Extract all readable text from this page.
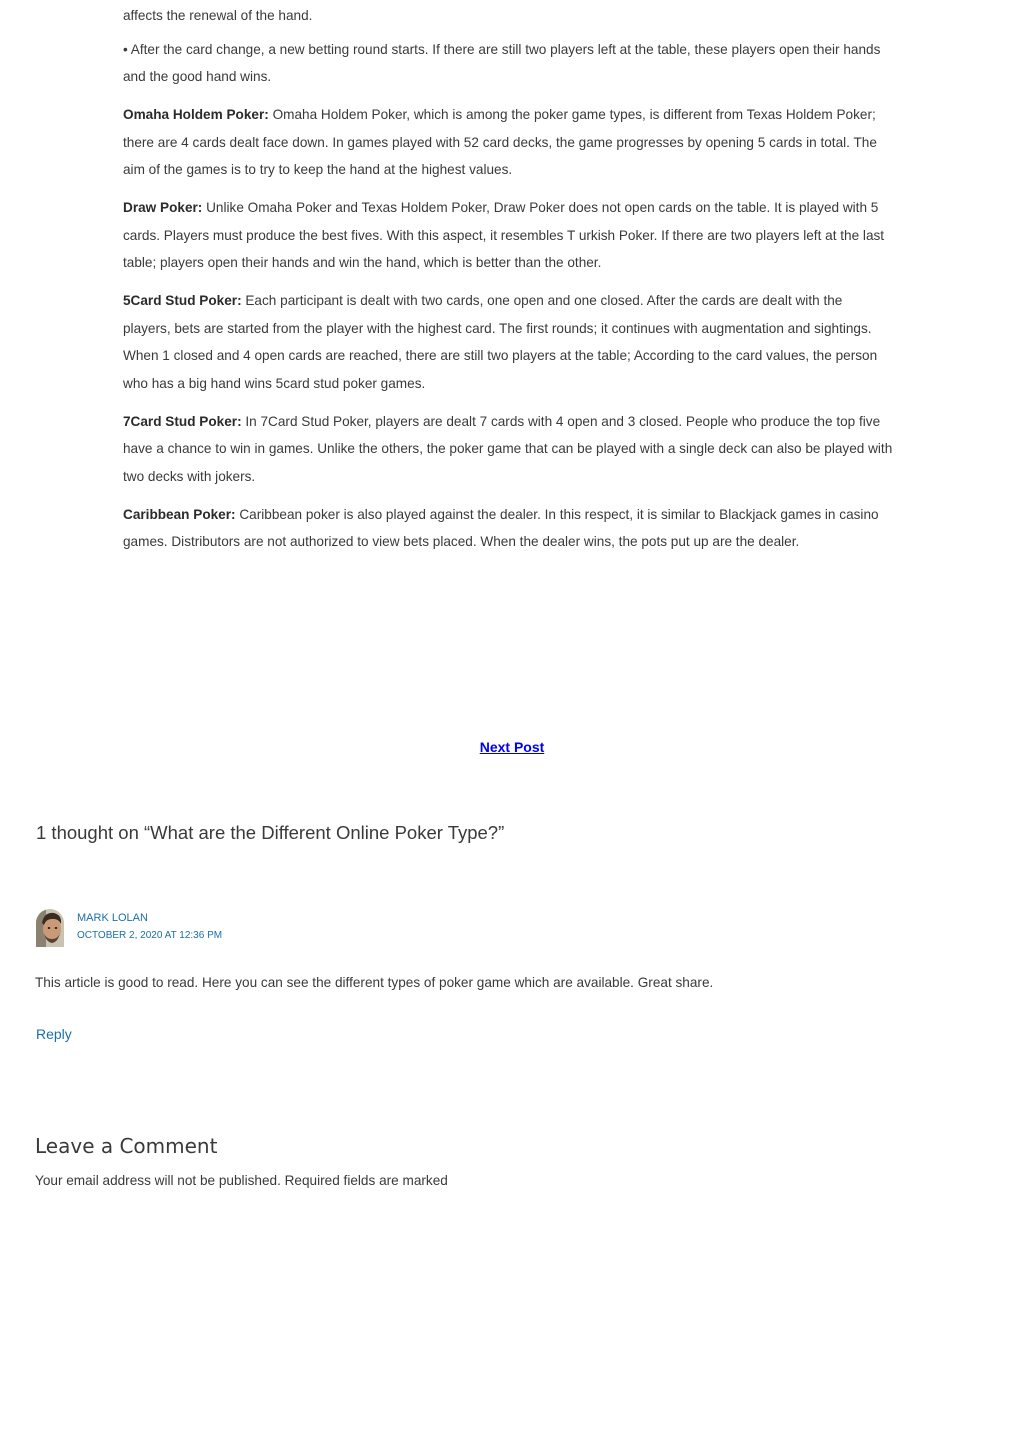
affects the renewal of the hand.

• After the card change, a new betting round starts. If there are still two players left at the table, these players open their hands and the good hand wins.

Omaha Holdem Poker: Omaha Holdem Poker, which is among the poker game types, is different from Texas Holdem Poker; there are 4 cards dealt face down. In games played with 52 card decks, the game progresses by opening 5 cards in total. The aim of the games is to try to keep the hand at the highest values.

Draw Poker: Unlike Omaha Poker and Texas Holdem Poker, Draw Poker does not open cards on the table. It is played with 5 cards. Players must produce the best fives. With this aspect, it resembles T urkish Poker. If there are two players left at the last table; players open their hands and win the hand, which is better than the other.

5Card Stud Poker: Each participant is dealt with two cards, one open and one closed. After the cards are dealt with the players, bets are started from the player with the highest card. The first rounds; it continues with augmentation and sightings. When 1 closed and 4 open cards are reached, there are still two players at the table; According to the card values, the person who has a big hand wins 5card stud poker games.

7Card Stud Poker: In 7Card Stud Poker, players are dealt 7 cards with 4 open and 3 closed. People who produce the top five have a chance to win in games. Unlike the others, the poker game that can be played with a single deck can also be played with two decks with jokers.

Caribbean Poker: Caribbean poker is also played against the dealer. In this respect, it is similar to Blackjack games in casino games. Distributors are not authorized to view bets placed. When the dealer wins, the pots put up are the dealer.

Next Post
1 thought on “What are the Different Online Poker Type?”
MARK LOLAN
OCTOBER 2, 2020 AT 12:36 PM

This article is good to read. Here you can see the different types of poker game which are available. Great share.

Reply
Leave a Comment

Your email address will not be published. Required fields are marked
